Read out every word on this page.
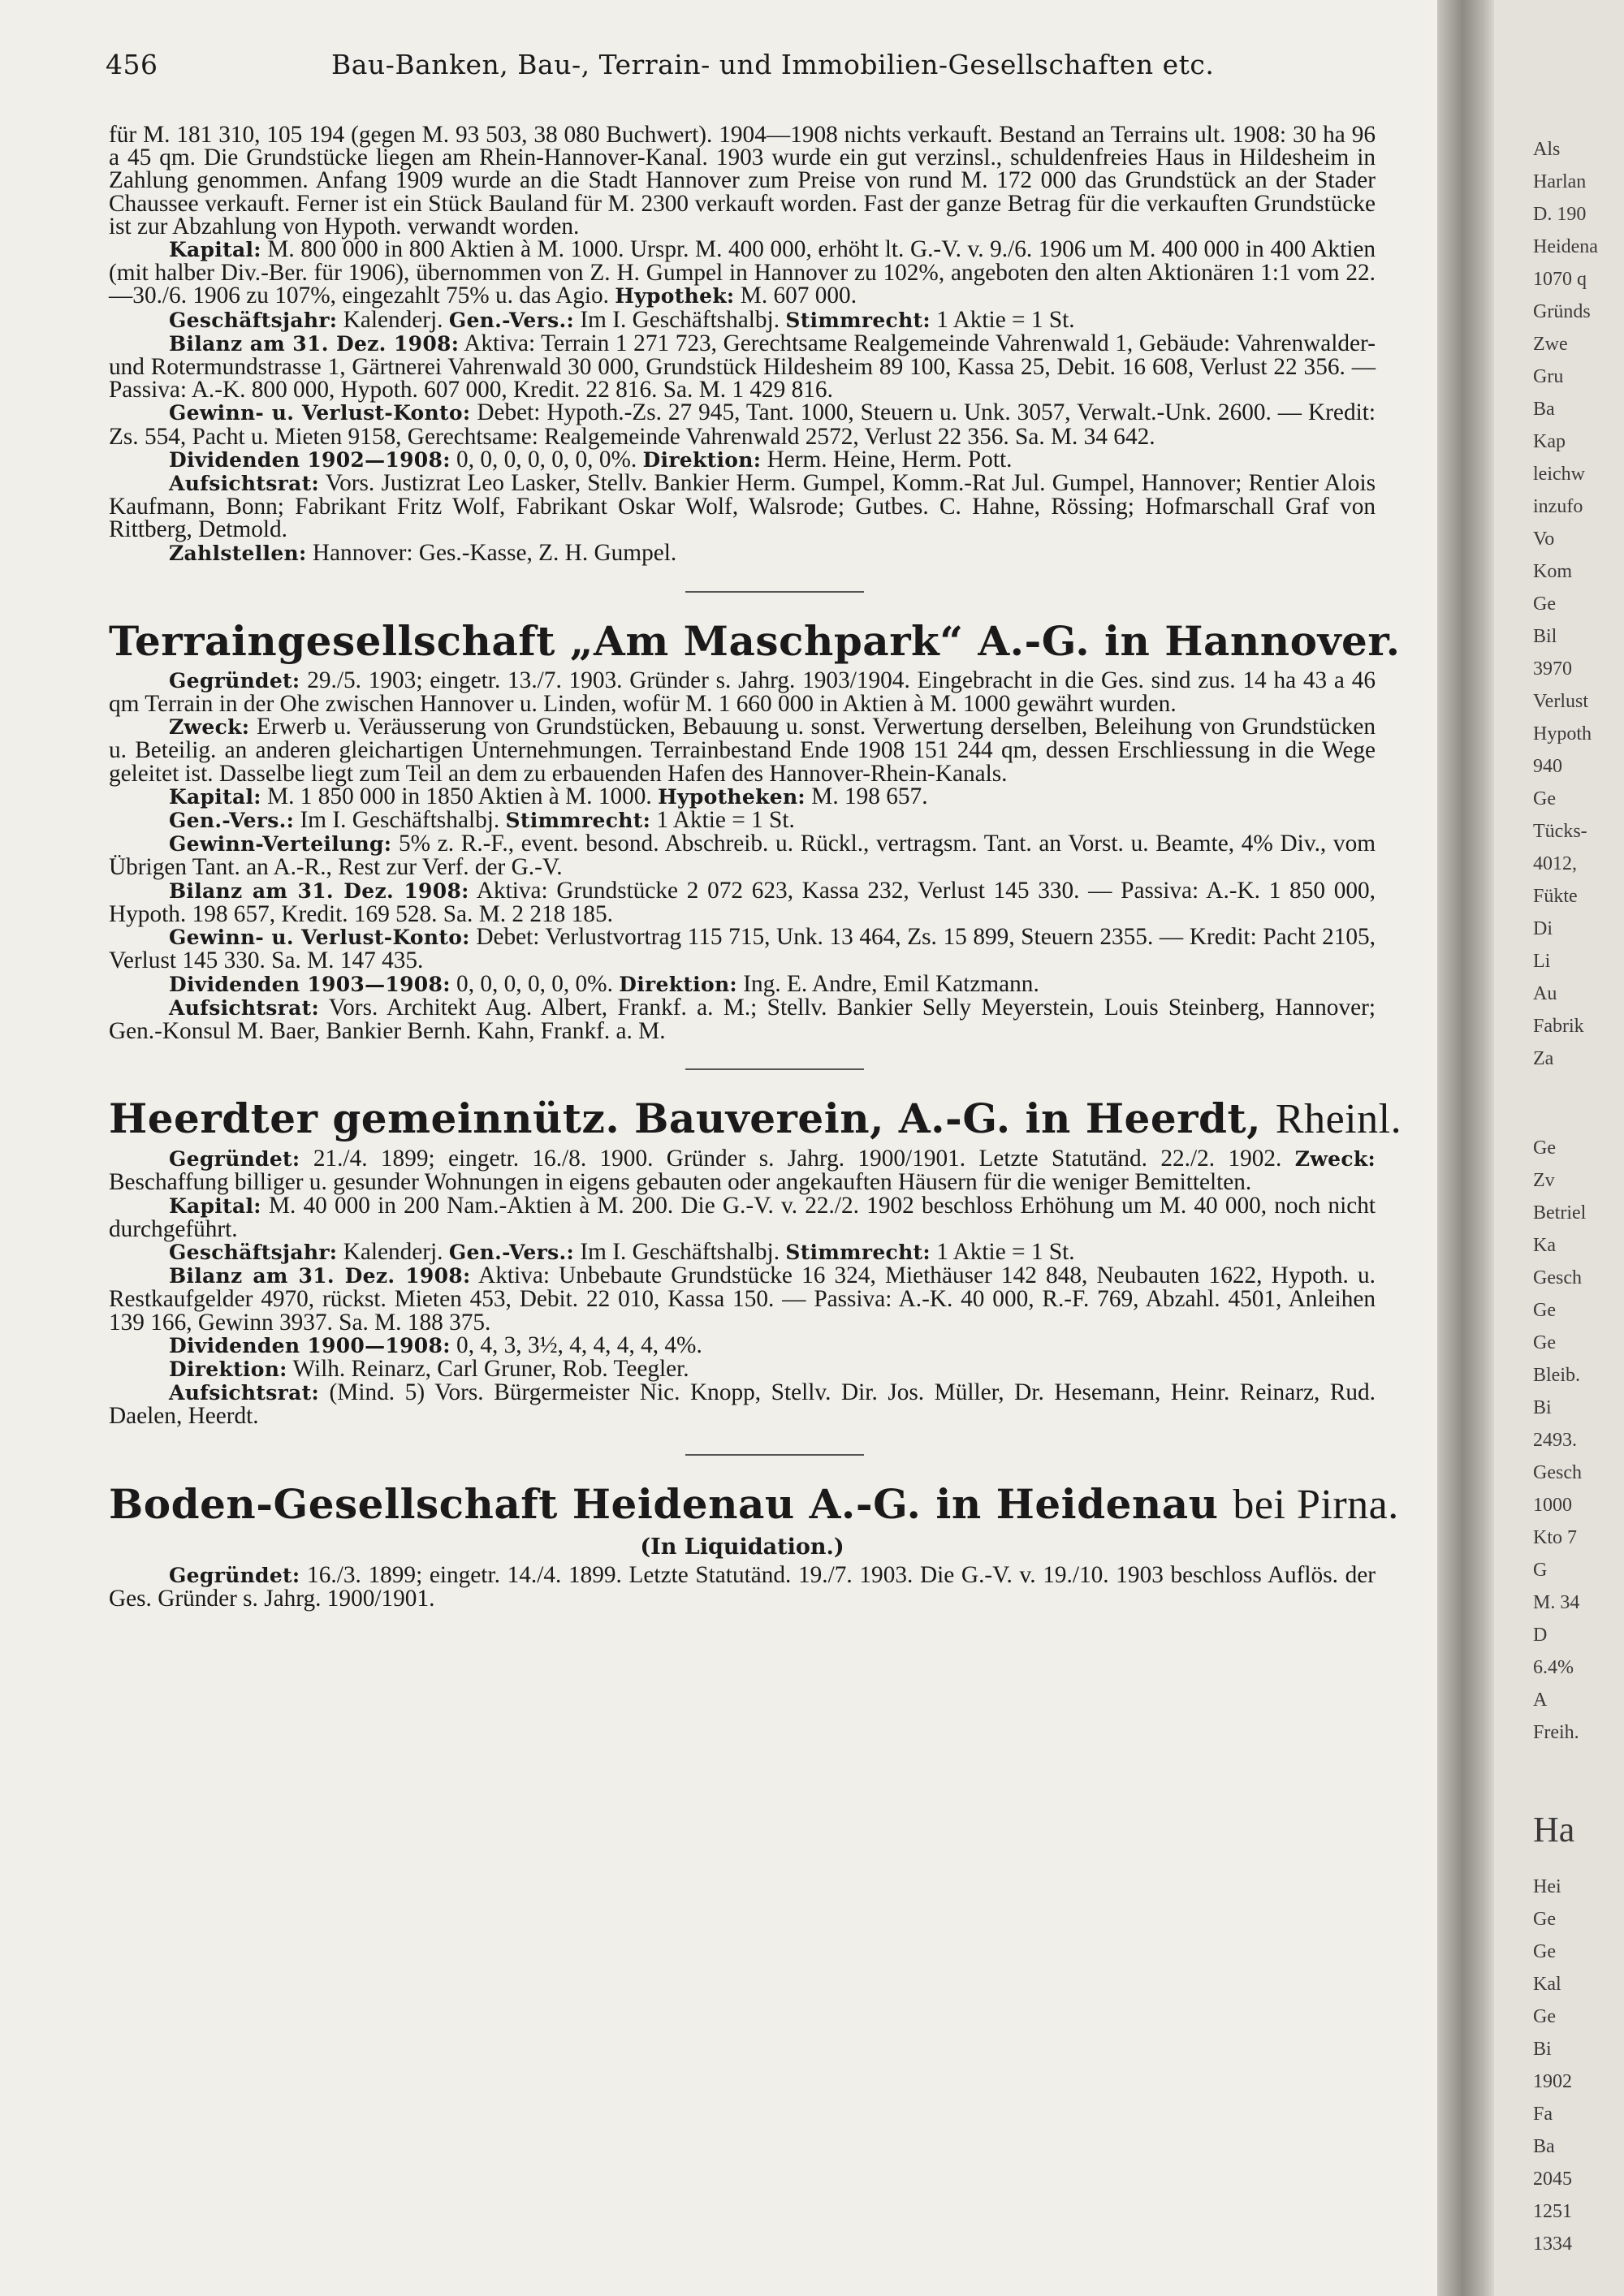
456	Bau-Banken, Bau-, Terrain- und Immobilien-Gesellschaften etc.

für M. 181 310, 105 194 (gegen M. 93 503, 38 080 Buchwert). 1904—1908 nichts verkauft. Bestand an Terrains ult. 1908: 30 ha 96 a 45 qm. Die Grundstücke liegen am Rhein-Hannover-Kanal. 1903 wurde ein gut verzinsl., schuldenfreies Haus in Hildesheim in Zahlung genommen. Anfang 1909 wurde an die Stadt Hannover zum Preise von rund M. 172 000 das Grundstück an der Stader Chaussee verkauft. Ferner ist ein Stück Bauland für M. 2300 verkauft worden. Fast der ganze Betrag für die verkauften Grundstücke ist zur Abzahlung von Hypoth. verwandt worden.

Kapital: M. 800 000 in 800 Aktien à M. 1000. Urspr. M. 400 000, erhöht lt. G.-V. v. 9./6. 1906 um M. 400 000 in 400 Aktien (mit halber Div.-Ber. für 1906), übernommen von Z. H. Gumpel in Hannover zu 102%, angeboten den alten Aktionären 1:1 vom 22.—30./6. 1906 zu 107%, eingezahlt 75% u. das Agio. Hypothek: M. 607 000.

Geschäftsjahr: Kalenderj. Gen.-Vers.: Im I. Geschäftshalbj. Stimmrecht: 1 Aktie = 1 St.

Bilanz am 31. Dez. 1908: Aktiva: Terrain 1 271 723, Gerechtsame Realgemeinde Vahrenwald 1, Gebäude: Vahrenwalder- und Rotermundstrasse 1, Gärtnerei Vahrenwald 30 000, Grundstück Hildesheim 89 100, Kassa 25, Debit. 16 608, Verlust 22 356. — Passiva: A.-K. 800 000, Hypoth. 607 000, Kredit. 22 816. Sa. M. 1 429 816.

Gewinn- u. Verlust-Konto: Debet: Hypoth.-Zs. 27 945, Tant. 1000, Steuern u. Unk. 3057, Verwalt.-Unk. 2600. — Kredit: Zs. 554, Pacht u. Mieten 9158, Gerechtsame: Realgemeinde Vahrenwald 2572, Verlust 22 356. Sa. M. 34 642.

Dividenden 1902—1908: 0, 0, 0, 0, 0, 0, 0%. Direktion: Herm. Heine, Herm. Pott.

Aufsichtsrat: Vors. Justizrat Leo Lasker, Stellv. Bankier Herm. Gumpel, Komm.-Rat Jul. Gumpel, Hannover; Rentier Alois Kaufmann, Bonn; Fabrikant Fritz Wolf, Fabrikant Oskar Wolf, Walsrode; Gutbes. C. Hahne, Rössing; Hofmarschall Graf von Rittberg, Detmold.

Zahlstellen: Hannover: Ges.-Kasse, Z. H. Gumpel.

Terraingesellschaft „Am Maschpark“ A.-G. in Hannover.

Gegründet: 29./5. 1903; eingetr. 13./7. 1903. Gründer s. Jahrg. 1903/1904. Eingebracht in die Ges. sind zus. 14 ha 43 a 46 qm Terrain in der Ohe zwischen Hannover u. Linden, wofür M. 1 660 000 in Aktien à M. 1000 gewährt wurden.

Zweck: Erwerb u. Veräusserung von Grundstücken, Bebauung u. sonst. Verwertung derselben, Beleihung von Grundstücken u. Beteilig. an anderen gleichartigen Unternehmungen. Terrainbestand Ende 1908 151 244 qm, dessen Erschliessung in die Wege geleitet ist. Dasselbe liegt zum Teil an dem zu erbauenden Hafen des Hannover-Rhein-Kanals.

Kapital: M. 1 850 000 in 1850 Aktien à M. 1000. Hypotheken: M. 198 657.

Gen.-Vers.: Im I. Geschäftshalbj. Stimmrecht: 1 Aktie = 1 St.

Gewinn-Verteilung: 5% z. R.-F., event. besond. Abschreib. u. Rückl., vertragsm. Tant. an Vorst. u. Beamte, 4% Div., vom Übrigen Tant. an A.-R., Rest zur Verf. der G.-V.

Bilanz am 31. Dez. 1908: Aktiva: Grundstücke 2 072 623, Kassa 232, Verlust 145 330. — Passiva: A.-K. 1 850 000, Hypoth. 198 657, Kredit. 169 528. Sa. M. 2 218 185.

Gewinn- u. Verlust-Konto: Debet: Verlustvortrag 115 715, Unk. 13 464, Zs. 15 899, Steuern 2355. — Kredit: Pacht 2105, Verlust 145 330. Sa. M. 147 435.

Dividenden 1903—1908: 0, 0, 0, 0, 0, 0%. Direktion: Ing. E. Andre, Emil Katzmann.

Aufsichtsrat: Vors. Architekt Aug. Albert, Frankf. a. M.; Stellv. Bankier Selly Meyerstein, Louis Steinberg, Hannover; Gen.-Konsul M. Baer, Bankier Bernh. Kahn, Frankf. a. M.

Heerdter gemeinnütz. Bauverein, A.-G. in Heerdt, Rheinl.

Gegründet: 21./4. 1899; eingetr. 16./8. 1900. Gründer s. Jahrg. 1900/1901. Letzte Statutänd. 22./2. 1902. Zweck: Beschaffung billiger u. gesunder Wohnungen in eigens gebauten oder angekauften Häusern für die weniger Bemittelten.

Kapital: M. 40 000 in 200 Nam.-Aktien à M. 200. Die G.-V. v. 22./2. 1902 beschloss Erhöhung um M. 40 000, noch nicht durchgeführt.

Geschäftsjahr: Kalenderj. Gen.-Vers.: Im I. Geschäftshalbj. Stimmrecht: 1 Aktie = 1 St.

Bilanz am 31. Dez. 1908: Aktiva: Unbebaute Grundstücke 16 324, Miethäuser 142 848, Neubauten 1622, Hypoth. u. Restkaufgelder 4970, rückst. Mieten 453, Debit. 22 010, Kassa 150. — Passiva: A.-K. 40 000, R.-F. 769, Abzahl. 4501, Anleihen 139 166, Gewinn 3937. Sa. M. 188 375.

Dividenden 1900—1908: 0, 4, 3, 3½, 4, 4, 4, 4, 4%.

Direktion: Wilh. Reinarz, Carl Gruner, Rob. Teegler.

Aufsichtsrat: (Mind. 5) Vors. Bürgermeister Nic. Knopp, Stellv. Dir. Jos. Müller, Dr. Hesemann, Heinr. Reinarz, Rud. Daelen, Heerdt.

Boden-Gesellschaft Heidenau A.-G. in Heidenau bei Pirna.
(In Liquidation.)

Gegründet: 16./3. 1899; eingetr. 14./4. 1899. Letzte Statutänd. 19./7. 1903. Die G.-V. v. 19./10. 1903 beschloss Auflös. der Ges. Gründer s. Jahrg. 1900/1901.

Als
Harlan
D. 190
Heidena
1070 q
Gründs
Zwe
Gru
Ba
Kap
leichw
inzufo
Vo
Kom
Ge
Bil
3970
Verlust
Hypoth
940
Ge
Tücks-
4012,
Fükte
Di
Li
Au
Fabrik
Za
Ge
Zv
Betriel
Ka
Gesch
Ge
Ge
Bleib.
Bi
2493.
Gesch
1000
Kto 7
G
M. 34
D
6.4%
A
Freih.
Ha
Hei
Ge
Ge
Kal
Ge
Bi
1902
Fa
Ba
2045
1251
1334
